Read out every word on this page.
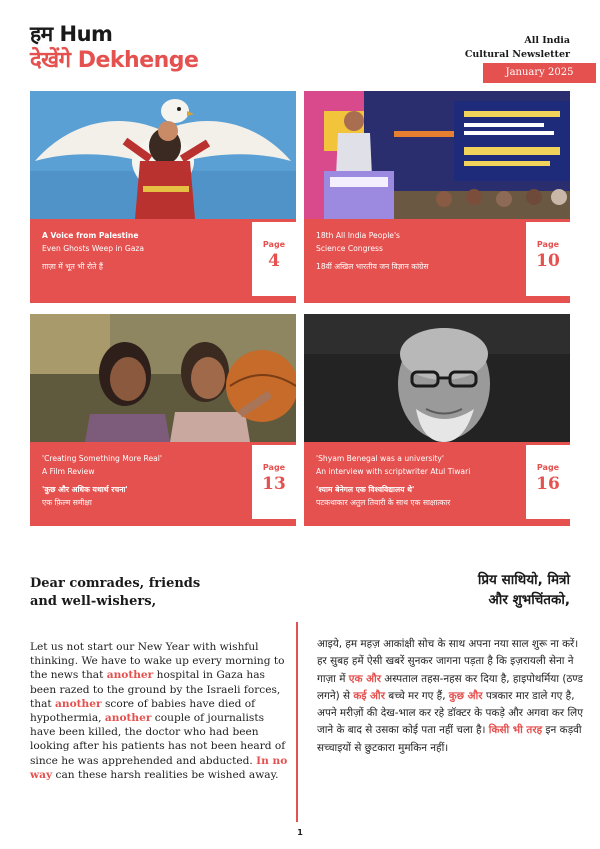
हम Hum
देखेंगे Dekhenge
All India
Cultural Newsletter
January 2025
A Voice from Palestine
Even Ghosts Weep in Gaza
ग़ाज़ा में भूत भी रोते हैं
Page
4
18th All India People's
Science Congress
18वीं अखिल भारतीय जन विज्ञान कांग्रेस
Page
10
'Creating Something More Real'
A Film Review
'कुछ और अधिक यथार्थ रचना'
एक फ़िल्म समीक्षा
Page
13
'Shyam Benegal was a university'
An interview with scriptwriter Atul Tiwari
'श्याम बेनेगल एक विश्वविद्यालय थे'
पटकथाकार अतुल तिवारी के साथ एक साक्षात्कार
Page
16
Dear comrades, friends
and well-wishers,
प्रिय साथियो, मित्रो
और शुभचिंतको,
Let us not start our New Year with wishful thinking. We have to wake up every morning to the news that another hospital in Gaza has been razed to the ground by the Israeli forces, that another score of babies have died of hypothermia, another couple of journalists have been killed, the doctor who had been looking after his patients has not been heard of since he was apprehended and abducted. In no way can these harsh realities be wished away.
आइये, हम महज़ आकांक्षी सोच के साथ अपना नया साल शुरू ना करें। हर सुबह हमें ऐसी खबरें सुनकर जागना पड़ता है कि इज़रायली सेना ने गाज़ा में एक और अस्पताल तहस-नहस कर दिया है, हाइपोथर्मिया (ठण्ड लगने) से कई और बच्चे मर गए हैं, कुछ और पत्रकार मार डाले गए है, अपने मरीज़ों की देख-भाल कर रहे डॉक्टर के पकड़े और अगवा कर लिए जाने के बाद से उसका कोई पता नहीं चला है। किसी भी तरह इन कड़वी सच्चाइयों से छुटकारा मुमकिन नहीं।
1
